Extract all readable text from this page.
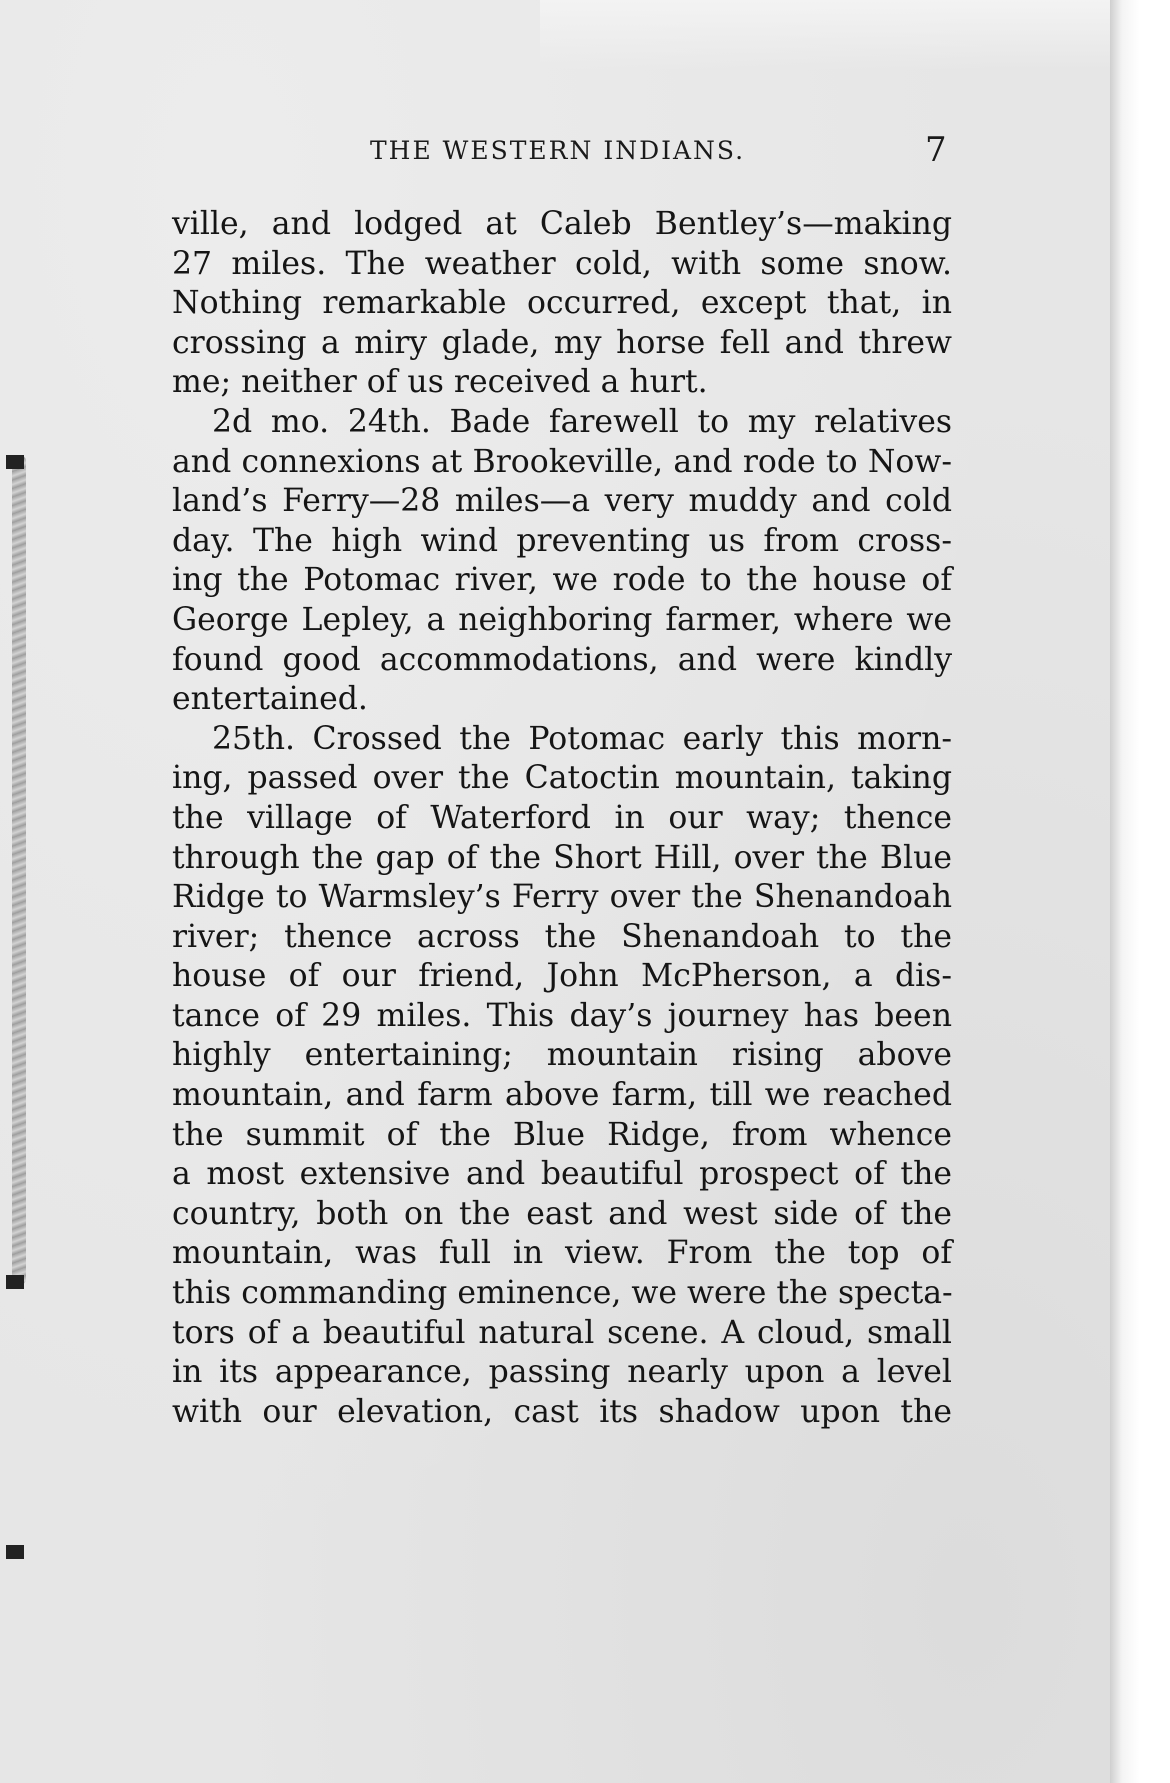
THE WESTERN INDIANS.	7
ville, and lodged at Caleb Bentley’s—making
27 miles. The weather cold, with some snow.
Nothing remarkable occurred, except that, in
crossing a miry glade, my horse fell and threw
me; neither of us received a hurt.
2d mo. 24th. Bade farewell to my relatives
and connexions at Brookeville, and rode to Now-
land’s Ferry—28 miles—a very muddy and cold
day. The high wind preventing us from cross-
ing the Potomac river, we rode to the house of
George Lepley, a neighboring farmer, where we
found good accommodations, and were kindly
entertained.
25th. Crossed the Potomac early this morn-
ing, passed over the Catoctin mountain, taking
the village of Waterford in our way; thence
through the gap of the Short Hill, over the Blue
Ridge to Warmsley’s Ferry over the Shenandoah
river; thence across the Shenandoah to the
house of our friend, John McPherson, a dis-
tance of 29 miles. This day’s journey has been
highly entertaining; mountain rising above
mountain, and farm above farm, till we reached
the summit of the Blue Ridge, from whence
a most extensive and beautiful prospect of the
country, both on the east and west side of the
mountain, was full in view. From the top of
this commanding eminence, we were the specta-
tors of a beautiful natural scene. A cloud, small
in its appearance, passing nearly upon a level
with our elevation, cast its shadow upon the
